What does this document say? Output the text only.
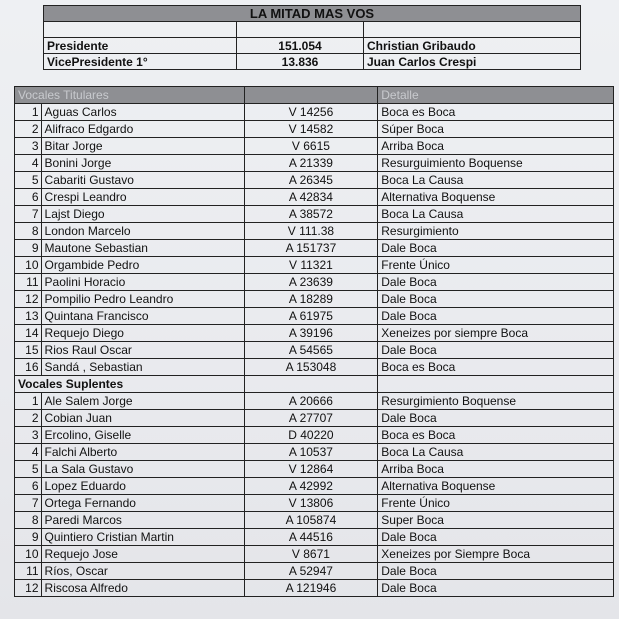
LA MITAD MAS VOS		

Presidente	151.054	Christian Gribaudo
VicePresidente 1°	13.836	Juan Carlos Crespi
Vocales Titulares			Detalle
1	Aguas Carlos	V 14256	Boca es Boca
2	Alifraco Edgardo	V 14582	Súper Boca
3	Bitar Jorge	V 6615	Arriba Boca
4	Bonini Jorge	A 21339	Resurguimiento Boquense
5	Cabariti Gustavo	A 26345	Boca La Causa
6	Crespi Leandro	A 42834	Alternativa Boquense
7	Lajst Diego	A 38572	Boca La Causa
8	London Marcelo	V 111.38	Resurgimiento
9	Mautone Sebastian	A 151737	Dale Boca
10	Orgambide Pedro	V 11321	Frente Único
11	Paolini Horacio	A 23639	Dale Boca
12	Pompilio Pedro Leandro	A 18289	Dale Boca
13	Quintana Francisco	A 61975	Dale Boca
14	Requejo Diego	A 39196	Xeneizes por siempre Boca
15	Rios Raul Oscar	A 54565	Dale Boca
16	Sandá , Sebastian	A 153048	Boca es Boca
Vocales Suplentes			
1	Ale Salem Jorge	A 20666	Resurgimiento Boquense
2	Cobian Juan	A 27707	Dale Boca
3	Ercolino, Giselle	D 40220	Boca es Boca
4	Falchi Alberto	A 10537	Boca La Causa
5	La Sala Gustavo	V 12864	Arriba Boca
6	Lopez Eduardo	A 42992	Alternativa Boquense
7	Ortega Fernando	V 13806	Frente Único
8	Paredi Marcos	A 105874	Super Boca
9	Quintiero Cristian Martin	A 44516	Dale Boca
10	Requejo Jose	V 8671	Xeneizes por Siempre Boca
11	Ríos, Oscar	A 52947	Dale Boca
12	Riscosa Alfredo	A 121946	Dale Boca
